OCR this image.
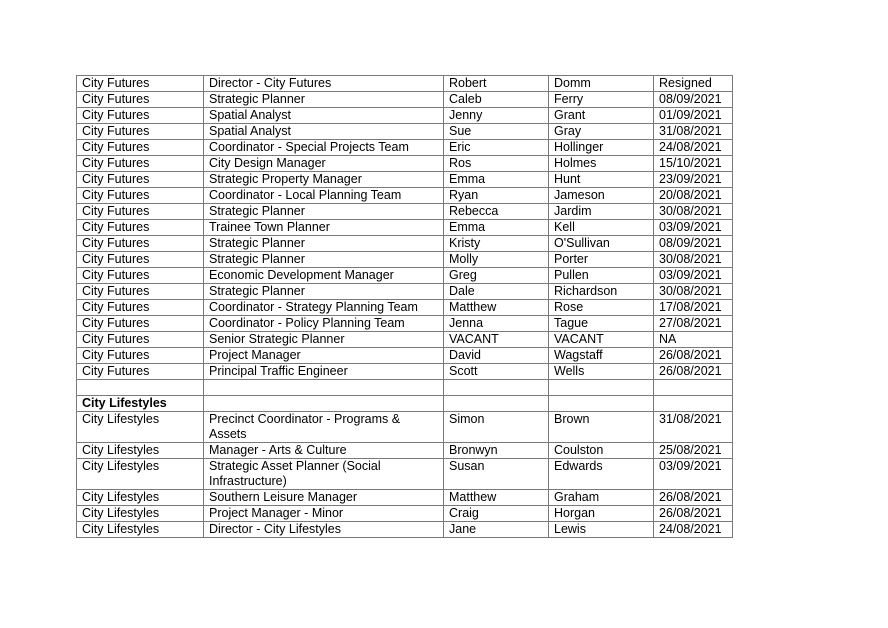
City Futures	Director - City Futures	Robert	Domm	Resigned
City Futures	Strategic Planner	Caleb	Ferry	08/09/2021
City Futures	Spatial Analyst	Jenny	Grant	01/09/2021
City Futures	Spatial Analyst	Sue	Gray	31/08/2021
City Futures	Coordinator - Special Projects Team	Eric	Hollinger	24/08/2021
City Futures	City Design Manager	Ros	Holmes	15/10/2021
City Futures	Strategic Property Manager	Emma	Hunt	23/09/2021
City Futures	Coordinator - Local Planning Team	Ryan	Jameson	20/08/2021
City Futures	Strategic Planner	Rebecca	Jardim	30/08/2021
City Futures	Trainee Town Planner	Emma	Kell	03/09/2021
City Futures	Strategic Planner	Kristy	O'Sullivan	08/09/2021
City Futures	Strategic Planner	Molly	Porter	30/08/2021
City Futures	Economic Development Manager	Greg	Pullen	03/09/2021
City Futures	Strategic Planner	Dale	Richardson	30/08/2021
City Futures	Coordinator - Strategy Planning Team	Matthew	Rose	17/08/2021
City Futures	Coordinator - Policy Planning Team	Jenna	Tague	27/08/2021
City Futures	Senior Strategic Planner	VACANT	VACANT	NA
City Futures	Project Manager	David	Wagstaff	26/08/2021
City Futures	Principal Traffic Engineer	Scott	Wells	26/08/2021

City Lifestyles				
City Lifestyles	Precinct Coordinator - Programs & Assets	Simon	Brown	31/08/2021
City Lifestyles	Manager - Arts & Culture	Bronwyn	Coulston	25/08/2021
City Lifestyles	Strategic Asset Planner (Social Infrastructure)	Susan	Edwards	03/09/2021
City Lifestyles	Southern Leisure Manager	Matthew	Graham	26/08/2021
City Lifestyles	Project Manager - Minor	Craig	Horgan	26/08/2021
City Lifestyles	Director - City Lifestyles	Jane	Lewis	24/08/2021
